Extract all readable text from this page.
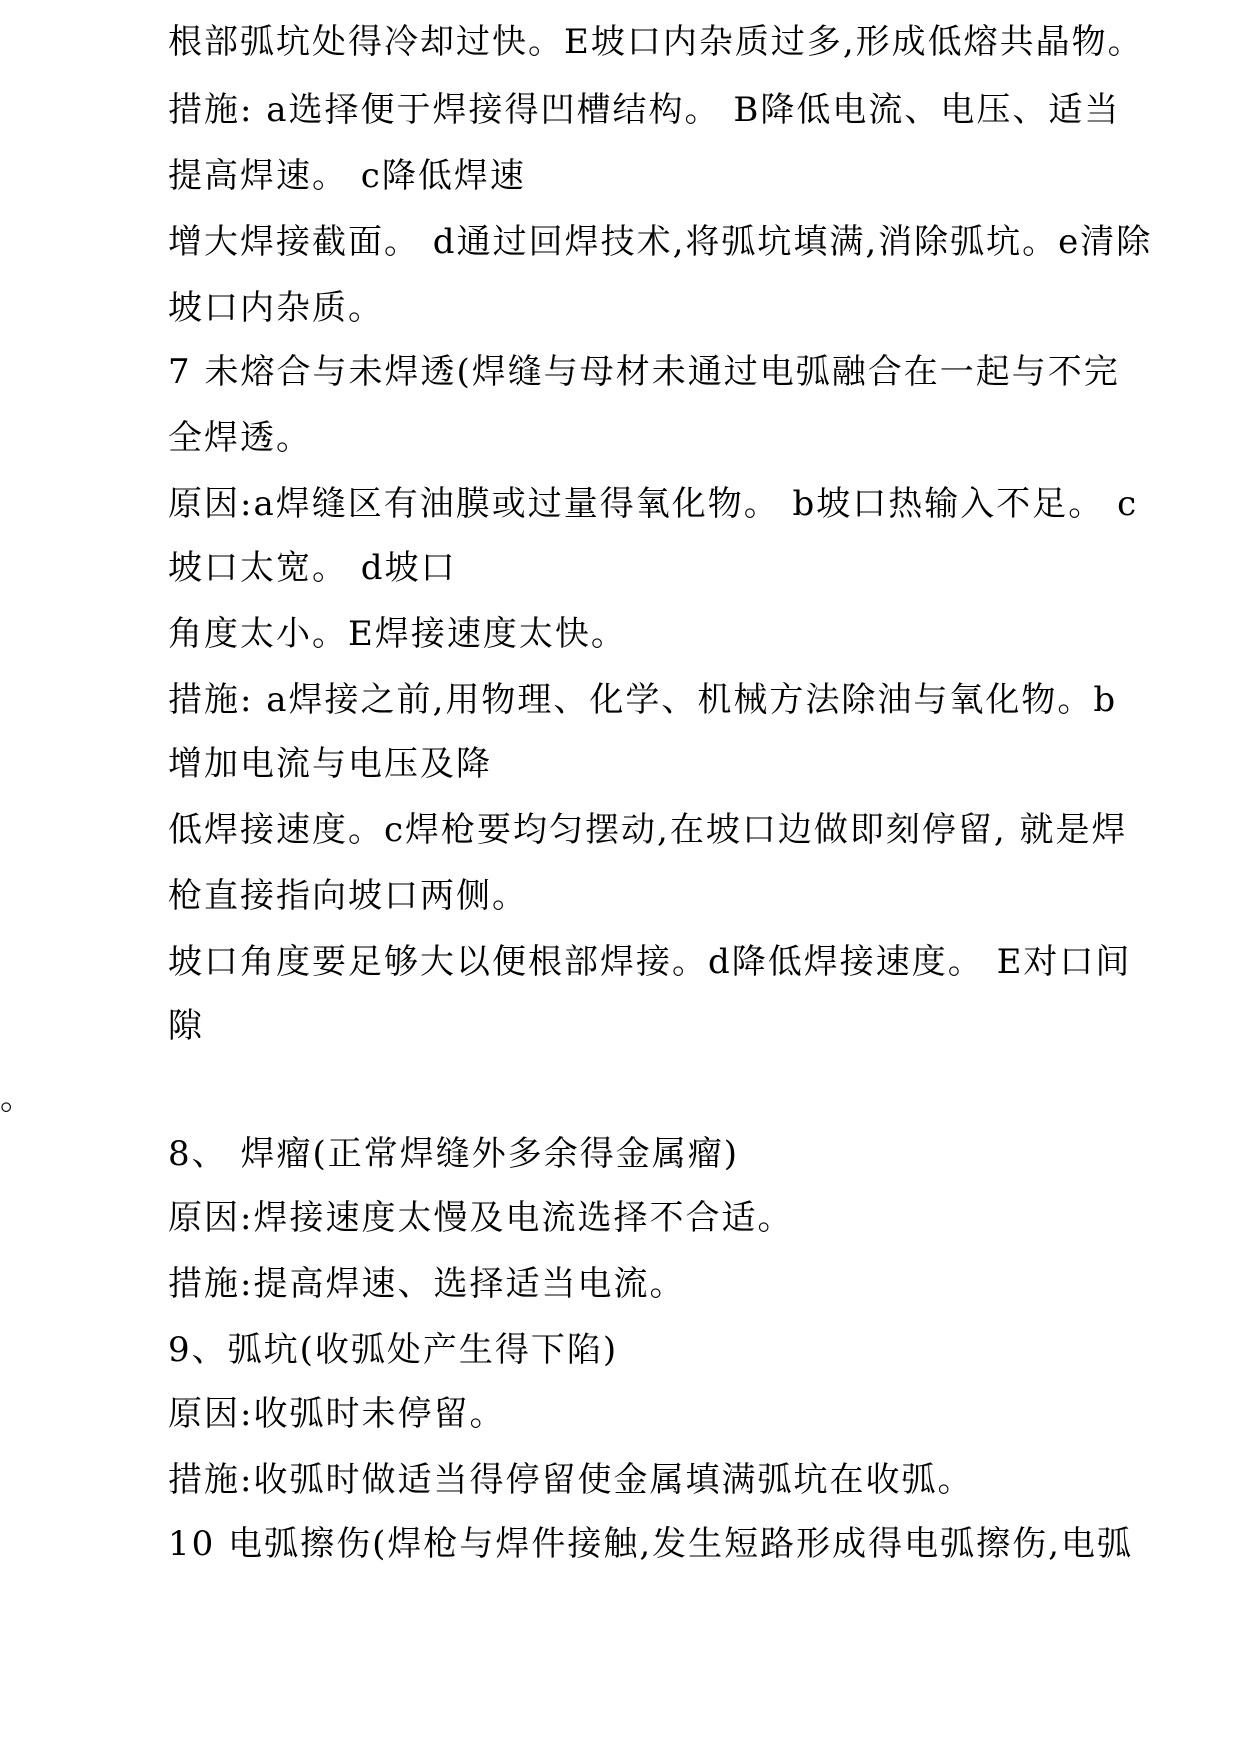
根部弧坑处得冷却过快。E坡口内杂质过多,形成低熔共晶物。
措施: a选择便于焊接得凹槽结构。 B降低电流、电压、适当
提高焊速。 c降低焊速
增大焊接截面。 d通过回焊技术,将弧坑填满,消除弧坑。e清除
坡口内杂质。
7 未熔合与未焊透(焊缝与母材未通过电弧融合在一起与不完
全焊透。
原因:a焊缝区有油膜或过量得氧化物。 b坡口热输入不足。 c
坡口太宽。 d坡口
角度太小。E焊接速度太快。
措施: a焊接之前,用物理、化学、机械方法除油与氧化物。b
增加电流与电压及降
低焊接速度。c焊枪要均匀摆动,在坡口边做即刻停留, 就是焊
枪直接指向坡口两侧。
坡口角度要足够大以便根部焊接。d降低焊接速度。 E对口间
隙
。
8、 焊瘤(正常焊缝外多余得金属瘤)
原因:焊接速度太慢及电流选择不合适。
措施:提高焊速、选择适当电流。
9、弧坑(收弧处产生得下陷)
原因:收弧时未停留。
措施:收弧时做适当得停留使金属填满弧坑在收弧。
10 电弧擦伤(焊枪与焊件接触,发生短路形成得电弧擦伤,电弧
